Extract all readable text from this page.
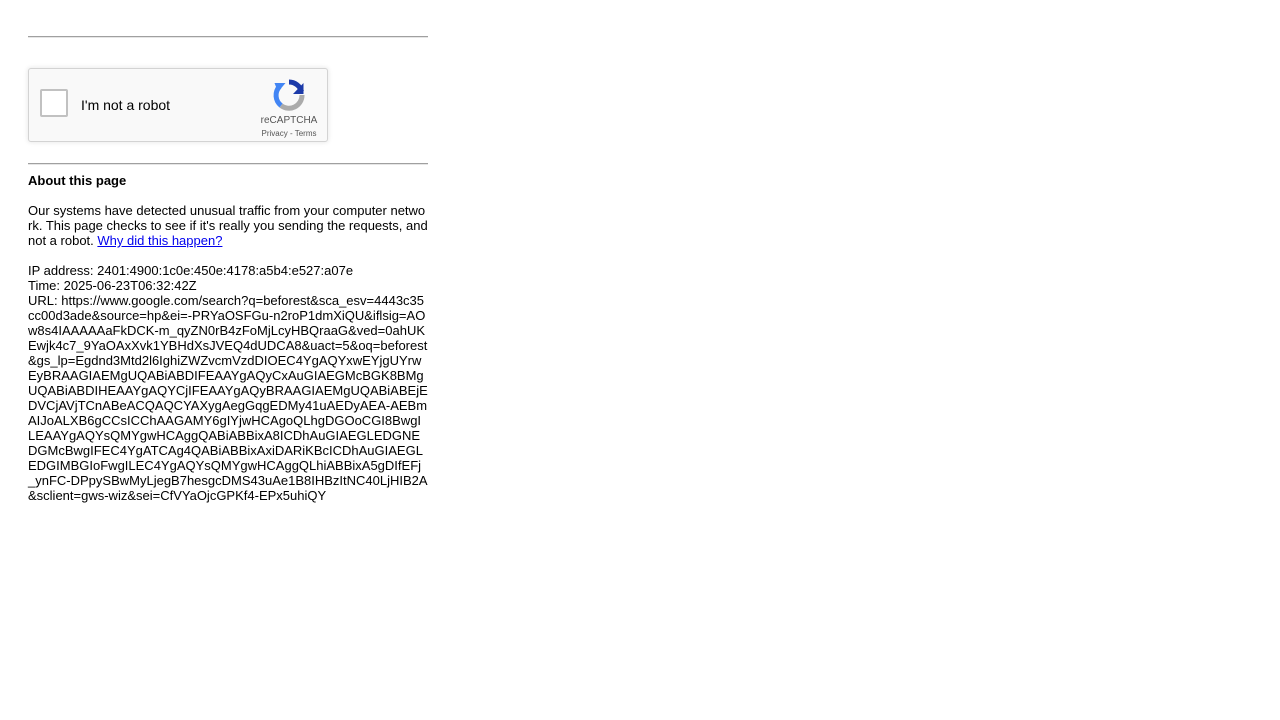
I'm not a robot
reCAPTCHA
Privacy - Terms
About this page
Our systems have detected unusual traffic from your computer network. This page checks to see if it's really you sending the requests, and not a robot. Why did this happen?
IP address: 2401:4900:1c0e:450e:4178:a5b4:e527:a07e
Time: 2025-06-23T06:32:42Z
URL: https://www.google.com/search?q=beforest&sca_esv=4443c35cc00d3ade&source=hp&ei=-PRYaOSFGu-n2roP1dmXiQU&iflsig=AOw8s4IAAAAAaFkDCK-m_qyZN0rB4zFoMjLcyHBQraaG&ved=0ahUKEwjk4c7_9YaOAxXvk1YBHdXsJVEQ4dUDCA8&uact=5&oq=beforest&gs_lp=Egdnd3Mtd2l6IghiZWZvcmVzdDIOEC4YgAQYxwEYjgUYrwEyBRAAGIAEMgUQABiABDIFEAAYgAQyCxAuGIAEGMcBGK8BMgUQABiABDIHEAAYgAQYCjIFEAAYgAQyBRAAGIAEMgUQABiABEjEDVCjAVjTCnABeACQAQCYAXygAegGqgEDMy41uAEDyAEA-AEBmAIJoALXB6gCCsICChAAGAMY6gIYjwHCAgoQLhgDGOoCGI8BwgILEAAYgAQYsQMYgwHCAggQABiABBixA8ICDhAuGIAEGLEDGNEDGMcBwgIFEC4YgATCAg4QABiABBixAxiDARiKBcICDhAuGIAEGLEDGIMBGIoFwgILEC4YgAQYsQMYgwHCAggQLhiABBixA5gDIfEFj_ynFC-DPpySBwMyLjegB7hesgcDMS43uAe1B8IHBzItNC40LjHIB2A&sclient=gws-wiz&sei=CfVYaOjcGPKf4-EPx5uhiQY
